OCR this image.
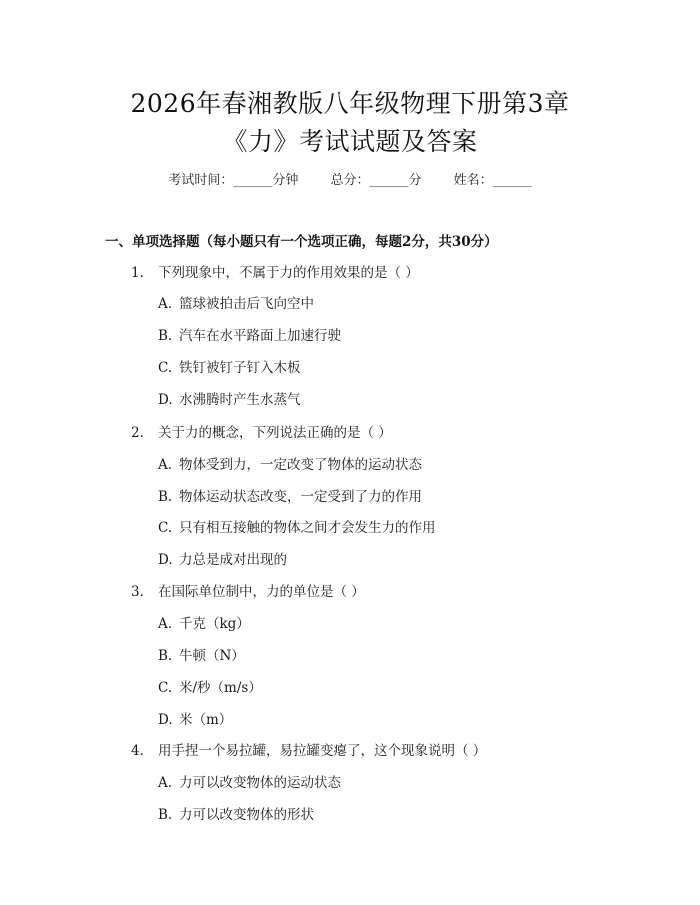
2026年春湘教版八年级物理下册第3章
《力》考试试题及答案
考试时间：______分钟 总分：______分 姓名：______
一、单项选择题（每小题只有一个选项正确，每题2分，共30分）
1. 下列现象中，不属于力的作用效果的是（ ）
A. 篮球被拍击后飞向空中
B. 汽车在水平路面上加速行驶
C. 铁钉被钉子钉入木板
D. 水沸腾时产生水蒸气
2. 关于力的概念，下列说法正确的是（ ）
A. 物体受到力，一定改变了物体的运动状态
B. 物体运动状态改变，一定受到了力的作用
C. 只有相互接触的物体之间才会发生力的作用
D. 力总是成对出现的
3. 在国际单位制中，力的单位是（ ）
A. 千克（kg）
B. 牛顿（N）
C. 米/秒（m/s）
D. 米（m）
4. 用手捏一个易拉罐，易拉罐变瘪了，这个现象说明（ ）
A. 力可以改变物体的运动状态
B. 力可以改变物体的形状
